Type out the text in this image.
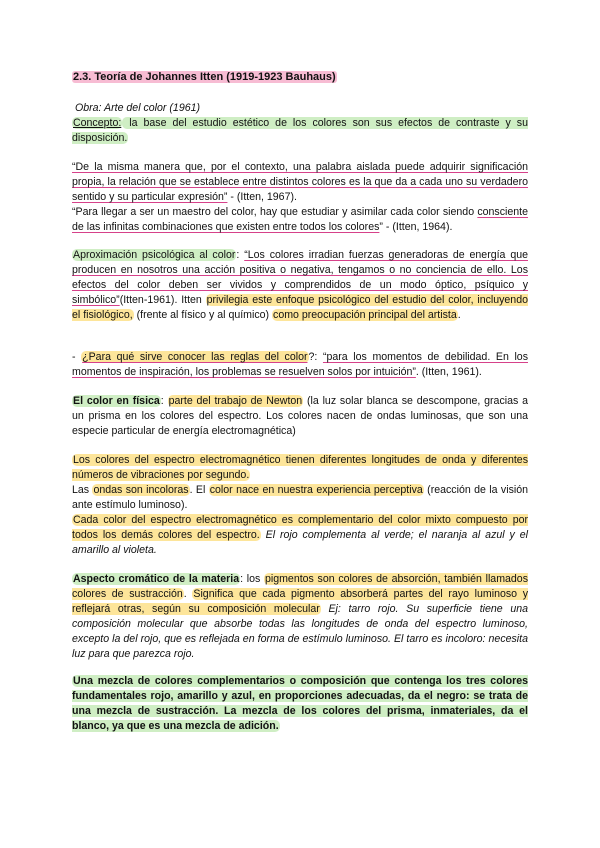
2.3. Teoría de Johannes Itten (1919-1923 Bauhaus)
Obra: Arte del color (1961)
Concepto: la base del estudio estético de los colores son sus efectos de contraste y su disposición.
“De la misma manera que, por el contexto, una palabra aislada puede adquirir significación propia, la relación que se establece entre distintos colores es la que da a cada uno su verdadero sentido y su particular expresión” - (Itten, 1967).
“Para llegar a ser un maestro del color, hay que estudiar y asimilar cada color siendo consciente de las infinitas combinaciones que existen entre todos los colores” - (Itten, 1964).
Aproximación psicológica al color: “Los colores irradian fuerzas generadoras de energía que producen en nosotros una acción positiva o negativa, tengamos o no conciencia de ello. Los efectos del color deben ser vividos y comprendidos de un modo óptico, psíquico y simbólico”(Itten-1961). Itten privilegia este enfoque psicológico del estudio del color, incluyendo el fisiológico, (frente al físico y al químico) como preocupación principal del artista.
- ¿Para qué sirve conocer las reglas del color?: “para los momentos de debilidad. En los momentos de inspiración, los problemas se resuelven solos por intuición”. (Itten, 1961).
El color en física: parte del trabajo de Newton (la luz solar blanca se descompone, gracias a un prisma en los colores del espectro. Los colores nacen de ondas luminosas, que son una especie particular de energía electromagnética)
Los colores del espectro electromagnético tienen diferentes longitudes de onda y diferentes números de vibraciones por segundo.
Las ondas son incoloras. El color nace en nuestra experiencia perceptiva (reacción de la visión ante estímulo luminoso).
Cada color del espectro electromagnético es complementario del color mixto compuesto por todos los demás colores del espectro. El rojo complementa al verde; el naranja al azul y el amarillo al violeta.
Aspecto cromático de la materia: los pigmentos son colores de absorción, también llamados colores de sustracción. Significa que cada pigmento absorberá partes del rayo luminoso y reflejará otras, según su composición molecular Ej: tarro rojo. Su superficie tiene una composición molecular que absorbe todas las longitudes de onda del espectro luminoso, excepto la del rojo, que es reflejada en forma de estímulo luminoso. El tarro es incoloro: necesita luz para que parezca rojo.
Una mezcla de colores complementarios o composición que contenga los tres colores fundamentales rojo, amarillo y azul, en proporciones adecuadas, da el negro: se trata de una mezcla de sustracción. La mezcla de los colores del prisma, inmateriales, da el blanco, ya que es una mezcla de adición.
